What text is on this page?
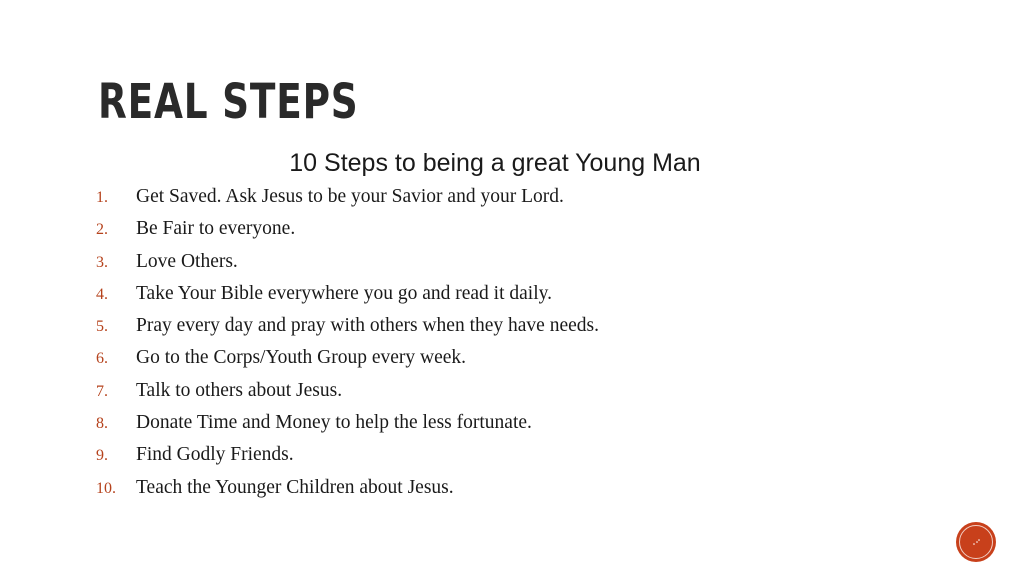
REAL STEPS
10 Steps to being a great Young Man
1.	Get Saved. Ask Jesus to be your Savior and your Lord.
2.	Be Fair to everyone.
3.	Love Others.
4.	Take Your Bible everywhere you go and read it daily.
5.	Pray every day and pray with others when they have needs.
6.	Go to the Corps/Youth Group every week.
7.	Talk to others about Jesus.
8.	Donate Time and Money to help the less fortunate.
9.	Find Godly Friends.
10.	Teach the Younger Children about Jesus.
